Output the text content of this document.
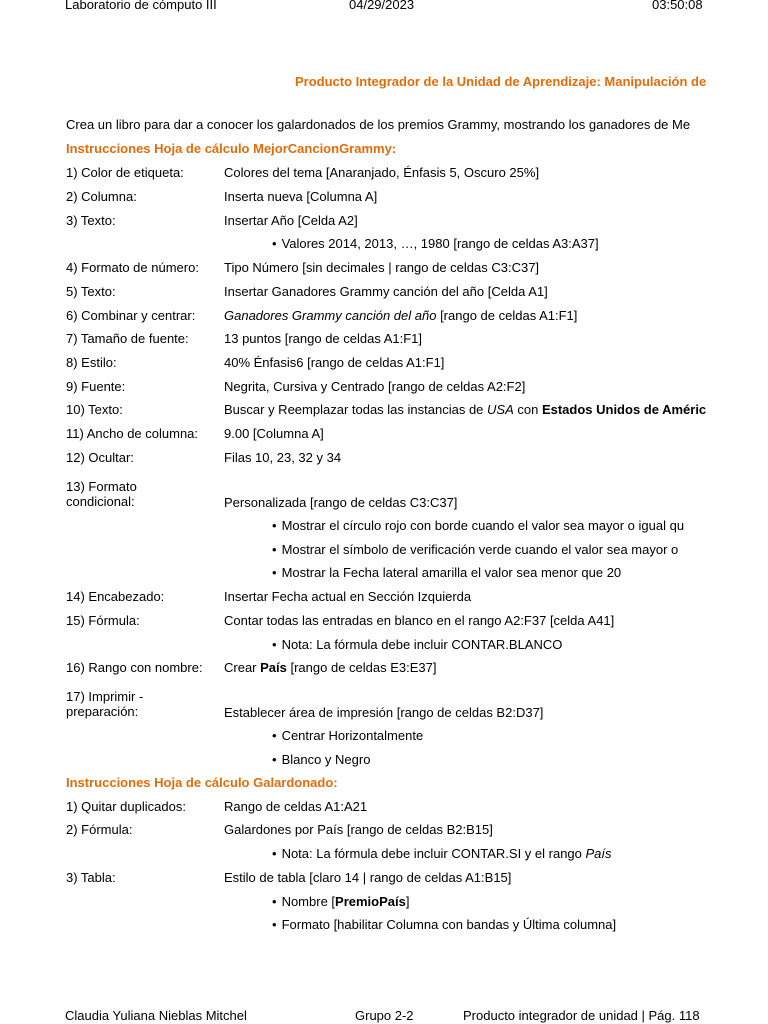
Laboratorio de cómputo III	04/29/2023	03:50:08
Producto Integrador de la Unidad de Aprendizaje: Manipulación de
Crea un libro para dar a conocer los galardonados de los premios Grammy, mostrando los ganadores de Me
Instrucciones Hoja de cálculo MejorCancionGrammy:
1) Color de etiqueta:	Colores del tema [Anaranjado, Énfasis 5, Oscuro 25%]
2) Columna:	Inserta nueva [Columna A]
3) Texto:	Insertar Año [Celda A2]
• Valores 2014, 2013, …, 1980 [rango de celdas A3:A37]
4) Formato de número:	Tipo Número [sin decimales | rango de celdas C3:C37]
5) Texto:	Insertar Ganadores Grammy canción del año [Celda A1]
6) Combinar y centrar:	Ganadores Grammy canción del año [rango de celdas A1:F1]
7) Tamaño de fuente:	13 puntos [rango de celdas A1:F1]
8) Estilo:	40% Énfasis6 [rango de celdas A1:F1]
9) Fuente:	Negrita, Cursiva y Centrado [rango de celdas A2:F2]
10) Texto:	Buscar y Reemplazar todas las instancias de USA con Estados Unidos de Améric
11) Ancho de columna:	9.00 [Columna A]
12) Ocultar:	Filas 10, 23, 32 y 34
13) Formato
condicional:	Personalizada [rango de celdas C3:C37]
• Mostrar el círculo rojo con borde cuando el valor sea mayor o igual qu
• Mostrar el símbolo de verificación verde cuando el valor sea mayor o
• Mostrar la Fecha lateral amarilla el valor sea menor que 20
14) Encabezado:	Insertar Fecha actual en Sección Izquierda
15) Fórmula:	Contar todas las entradas en blanco en el rango A2:F37 [celda A41]
• Nota: La fórmula debe incluir CONTAR.BLANCO
16) Rango con nombre:	Crear País [rango de celdas E3:E37]
17) Imprimir -
preparación:	Establecer área de impresión [rango de celdas B2:D37]
• Centrar Horizontalmente
• Blanco y Negro
Instrucciones Hoja de cálculo Galardonado:
1) Quitar duplicados:	Rango de celdas A1:A21
2) Fórmula:	Galardones por País [rango de celdas B2:B15]
• Nota: La fórmula debe incluir CONTAR.SI y el rango País
3) Tabla:	Estilo de tabla [claro 14 | rango de celdas A1:B15]
• Nombre [PremioPaís]
• Formato [habilitar Columna con bandas y Última columna]
Claudia Yuliana Nieblas Mitchel	Grupo 2-2	Producto integrador de unidad | Pág. 118
